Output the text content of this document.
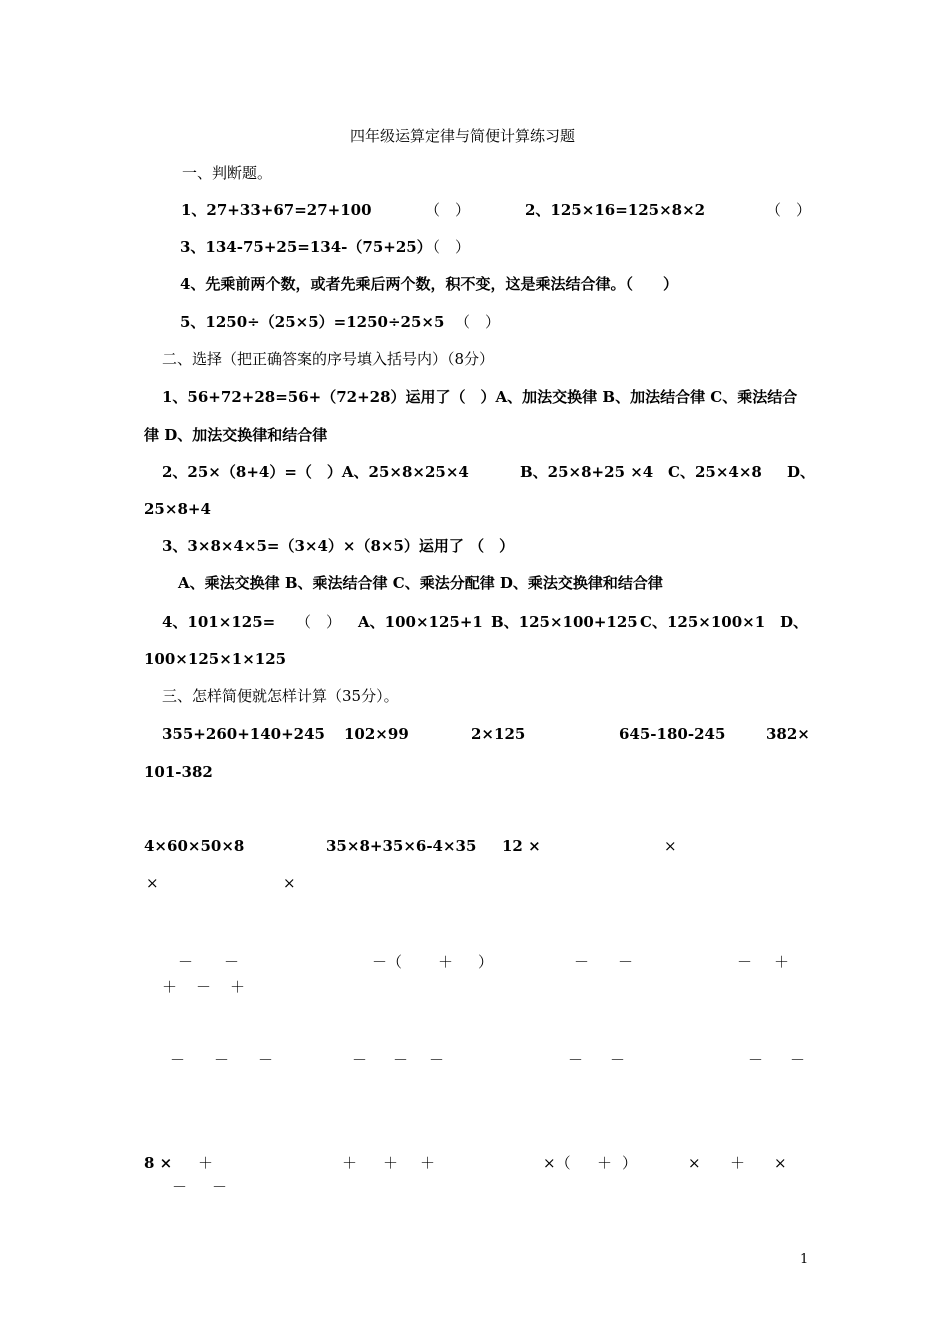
四年级运算定律与简便计算练习题
一、判断题。
1、27+33+67=27+100	（　）	2、125×16=125×8×2	（　）
3、134-75+25=134-（75+25）
（　）
4、先乘前两个数，或者先乘后两个数，积不变，这是乘法结合律。（　　）
5、1250÷（25×5）=1250÷25×5 （　）
二、选择（把正确答案的序号填入括号内）（8分）
1、56+72+28=56+（72+28）运用了（　）A、加法交换律 B、加法结合律 C、乘法结合
律 D、加法交换律和结合律
2、25×（8+4）=（　）A、25×8×25×4	B、25×8+25 ×4 C、25×4×8 D、
25×8+4
3、3×8×4×5=（3×4）×（8×5）运用了 （　）
A、乘法交换律 B、乘法结合律 C、乘法分配律 D、乘法交换律和结合律
4、101×125= （　） A、100×125+1 B、125×100+125 C、125×100×1 D、
100×125×1×125
三、怎样简便就怎样计算（35分）。
355+260+140+245 102×99	2×125	645-180-245	382×
101-382
4×60×50×8	35×8+35×6-4×35 12 ×	×
×	×
－ －	－（ ＋ ）	－ －	－ ＋
＋ － ＋
－ － －	－ － －	－ －	－ －
8 × ＋	＋ ＋ ＋	×（ ＋ ）	× ＋ ×
－ －
1
